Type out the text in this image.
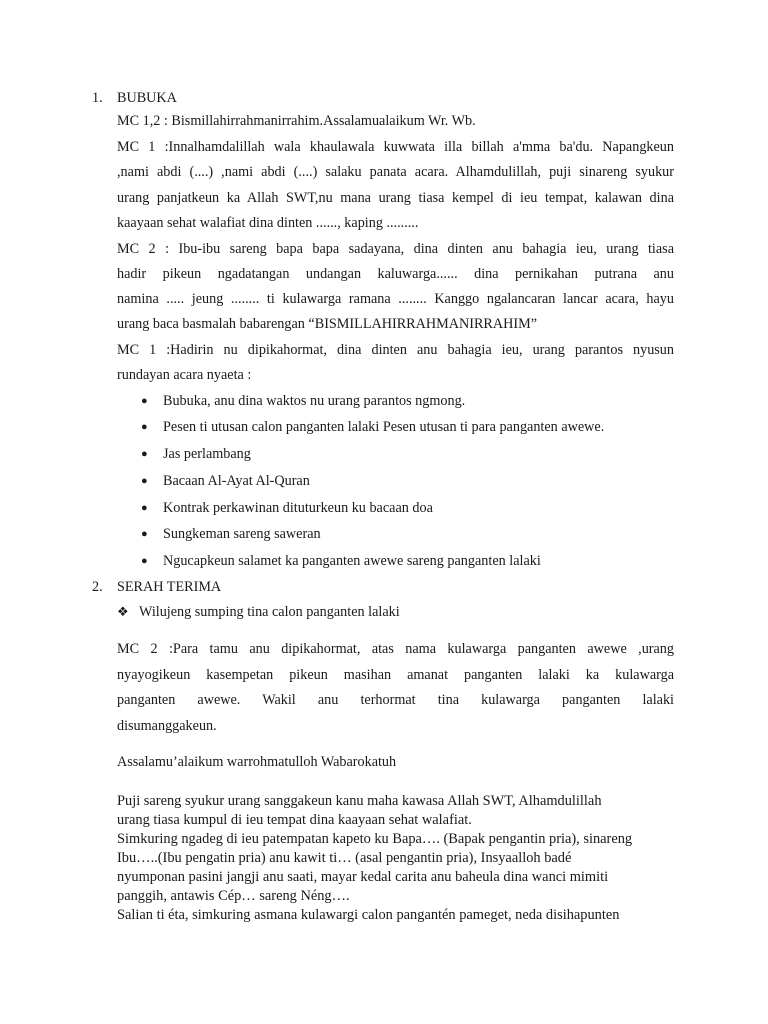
1. BUBUKA
MC 1,2 : Bismillahirrahmanirrahim.Assalamualaikum Wr. Wb.
MC 1 :Innalhamdalillah wala khaulawala kuwwata illa billah a'mma ba'du. Napangkeun
,nami abdi (....) ,nami abdi (....) salaku panata acara. Alhamdulillah, puji sinareng syukur
urang panjatkeun ka Allah SWT,nu mana urang tiasa kempel di ieu tempat, kalawan dina
kaayaan sehat walafiat dina dinten ......, kaping .........
MC 2 : Ibu-ibu sareng bapa bapa sadayana, dina dinten anu bahagia ieu, urang tiasa
hadir pikeun ngadatangan undangan kaluwarga...... dina pernikahan putrana anu
namina ..... jeung ........ ti kulawarga ramana ........ Kanggo ngalancaran lancar acara, hayu
urang baca basmalah babarengan “BISMILLAHIRRAHMANIRRAHIM”
MC 1 :Hadirin nu dipikahormat, dina dinten anu bahagia ieu, urang parantos nyusun
rundayan acara nyaeta :
● Bubuka, anu dina waktos nu urang parantos ngmong.
● Pesen ti utusan calon panganten lalaki Pesen utusan ti para panganten awewe.
● Jas perlambang
● Bacaan Al-Ayat Al-Quran
● Kontrak perkawinan dituturkeun ku bacaan doa
● Sungkeman sareng saweran
● Ngucapkeun salamet ka panganten awewe sareng panganten lalaki
2. SERAH TERIMA
❖ Wilujeng sumping tina calon panganten lalaki
MC 2 :Para tamu anu dipikahormat, atas nama kulawarga panganten awewe ,urang
nyayogikeun kasempetan pikeun masihan amanat panganten lalaki ka kulawarga
panganten awewe. Wakil anu terhormat tina kulawarga panganten lalaki
disumanggakeun.
Assalamu’alaikum warrohmatulloh Wabarokatuh
Puji sareng syukur urang sanggakeun kanu maha kawasa Allah SWT, Alhamdulillah
urang tiasa kumpul di ieu tempat dina kaayaan sehat walafiat.
Simkuring ngadeg di ieu patempatan kapeto ku Bapa…. (Bapak pengantin pria), sinareng
Ibu…..(Ibu pengatin pria) anu kawit ti… (asal pengantin pria), Insyaalloh badé
nyumponan pasini jangji anu saati, mayar kedal carita anu baheula dina wanci mimiti
panggih, antawis Cép… sareng Néng….
Salian ti éta, simkuring asmana kulawargi calon pangantén pameget, neda disihapunten
